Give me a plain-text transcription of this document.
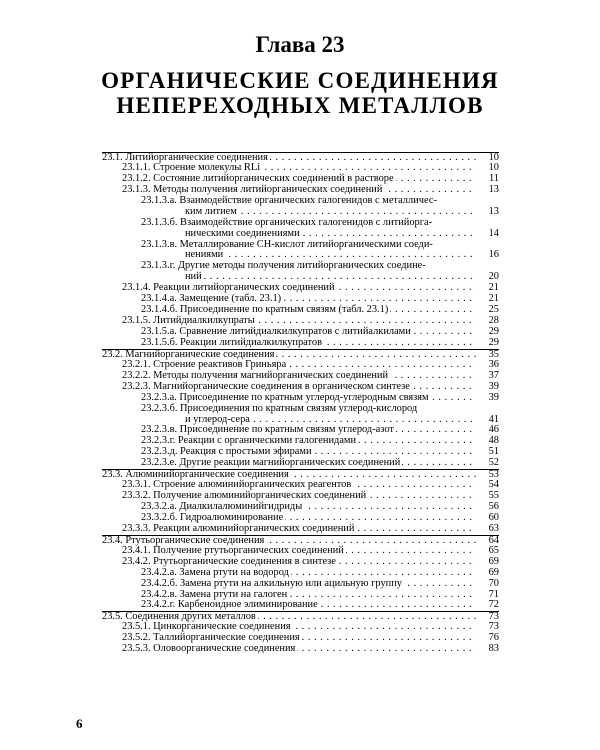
Глава 23
ОРГАНИЧЕСКИЕ СОЕДИНЕНИЯ
НЕПЕРЕХОДНЫХ МЕТАЛЛОВ
. . .
23.1. Литийорганические соединения	10
. . .
23.1.1. Строение молекулы RLi	10
. . .
23.1.2. Состояние литийорганических соединений в растворе	11
. . .
23.1.3. Методы получения литийорганических соединений	13
23.1.3.а. Взаимодействие органических галогенидов с металличес-
. . .
ким литием	13
23.1.3.б. Взаимодействие органических галогенидов с литийорга-
. . .
ническими соединениями	14
23.1.3.в. Металлирование CH-кислот литийорганическими соеди-
. . .
нениями	16
23.1.3.г. Другие методы получения литийорганических соедине-
. . .
ний	20
. . .
23.1.4. Реакции литийорганических соединений	21
. . .
23.1.4.а. Замещение (табл. 23.1)	21
. . .
23.1.4.б. Присоединение по кратным связям (табл. 23.1)	25
. . .
23.1.5. Литийдиалкилкупраты	28
. . .
23.1.5.а. Сравнение литийдиалкилкупратов с литийалкилами	29
. . .
23.1.5.б. Реакции литийдиалкилкупратов	29
. . .
23.2. Магнийорганические соединения	35
. . .
23.2.1. Строение реактивов Гриньяра	36
. . .
23.2.2. Методы получения магнийорганических соединений	37
. . .
23.2.3. Магнийорганические соединения в органическом синтезе	39
. . .
23.2.3.а. Присоединение по кратным углерод-углеродным связям	39
23.2.3.б. Присоединения по кратным связям углерод-кислород
. . .
и углерод-сера	41
. . .
23.2.3.в. Присоединение по кратным связям углерод-азот	46
. . .
23.2.3.г. Реакции с органическими галогенидами	48
. . .
23.2.3.д. Реакция с простыми эфирами	51
. . .
23.2.3.е. Другие реакции магнийорганических соединений	52
. . .
23.3. Алюминийорганические соединения	53
. . .
23.3.1. Строение алюминийорганических реагентов	54
. . .
23.3.2. Получение алюминийорганических соединений	55
. . .
23.3.2.а. Диалкилалюминийгидриды	56
. . .
23.3.2.б. Гидроалюминирование	60
. . .
23.3.3. Реакции алюминийорганических соединений	63
. . .
23.4. Ртутьорганические соединения	64
. . .
23.4.1. Получение ртутьорганических соединений	65
. . .
23.4.2. Ртутьорганические соединения в синтезе	69
. . .
23.4.2.а. Замена ртути на водород	69
. . .
23.4.2.б. Замена ртути на алкильную или ацильную группу	70
. . .
23.4.2.в. Замена ртути на галоген	71
. . .
23.4.2.г. Карбеноидное элиминирование	72
. . .
23.5. Соединения других металлов	73
. . .
23.5.1. Цинкорганические соединения	73
. . .
23.5.2. Таллийорганические соединения	76
. . .
23.5.3. Оловоорганические соединения	83
6
